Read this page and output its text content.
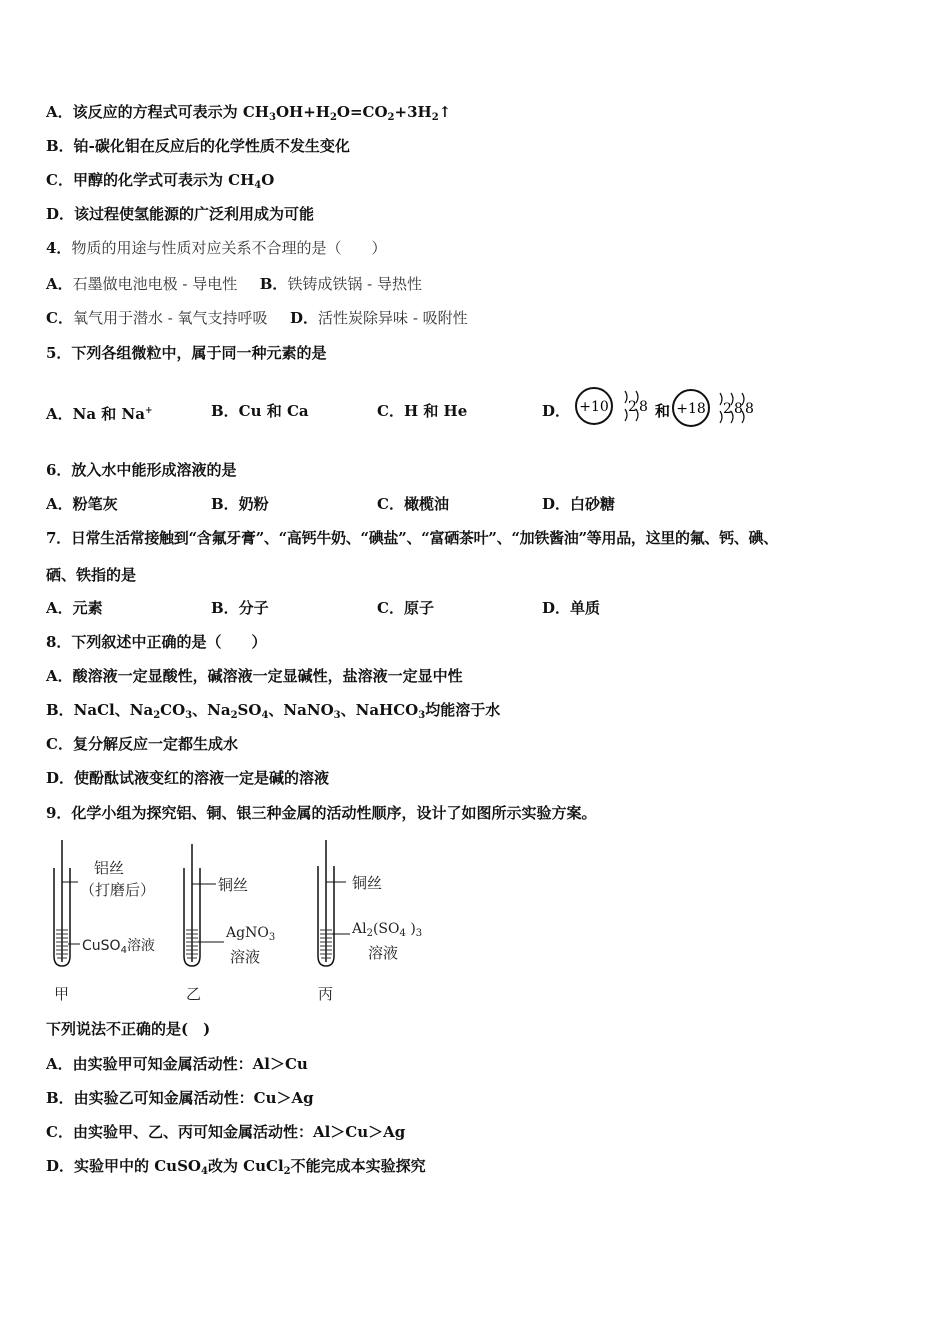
A．该反应的方程式可表示为 $CH_3OH+H_2O=CO_2+3H_2↑$
B．铂-碳化钼在反应后的化学性质不发生变化
C．甲醇的化学式可表示为 $CH_4O$
D．该过程使氢能源的广泛利用成为可能
4．物质的用途与性质对应关系不合理的是（　　）
A．石墨做电池电极 - 导电性 B．铁铸成铁锅 - 导热性
C．氧气用于潜水 - 氧气支持呼吸 D．活性炭除异味 - 吸附性
5．下列各组微粒中，属于同一种元素的是
A．Na 和 Na+	B．Cu 和 Ca	C．H 和 He	D． +10 2 8 和 +18 2 8 8
6．放入水中能形成溶液的是
A．粉笔灰	B．奶粉	C．橄榄油	D．白砂糖
7．日常生活常接触到“含氟牙膏”、“高钙牛奶、“碘盐”、“富硒茶叶”、“加铁酱油”等用品，这里的氟、钙、碘、
硒、铁指的是
A．元素	B．分子	C．原子	D．单质
8．下列叙述中正确的是（　　）
A．酸溶液一定显酸性，碱溶液一定显碱性，盐溶液一定显中性
B．NaCl、$Na_2CO_3$、$Na_2SO_4$、NaNO$_3$、NaHCO$_3$均能溶于水
C．复分解反应一定都生成水
D．使酚酞试液变红的溶液一定是碱的溶液
9．化学小组为探究铝、铜、银三种金属的活动性顺序，设计了如图所示实验方案。
铝丝
（打磨后）
CuSO$_4$溶液
甲
铜丝
AgNO$_3$
溶液
乙
铜丝
$Al_2(SO_4$ )$_3$
溶液
丙
下列说法不正确的是(　)
A．由实验甲可知金属活动性：Al＞Cu
B．由实验乙可知金属活动性：Cu＞Ag
C．由实验甲、乙、丙可知金属活动性：Al＞Cu＞Ag
D．实验甲中的 CuSO$_4$改为 CuCl$_2$不能完成本实验探究
